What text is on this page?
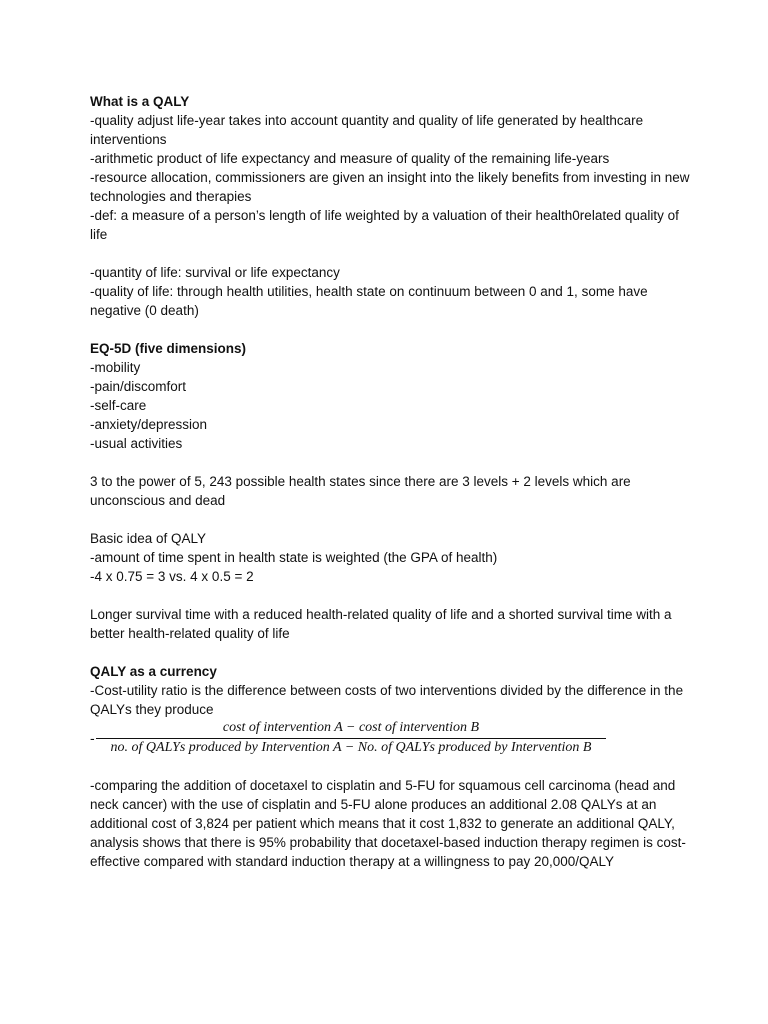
What is a QALY

-quality adjust life-year takes into account quantity and quality of life generated by healthcare interventions

-arithmetic product of life expectancy and measure of quality of the remaining life-years

-resource allocation, commissioners are given an insight into the likely benefits from investing in new technologies and therapies

-def: a measure of a person’s length of life weighted by a valuation of their health0related quality of life

-quantity of life: survival or life expectancy

-quality of life: through health utilities, health state on continuum between 0 and 1, some have negative (0 death)

EQ-5D (five dimensions)

-mobility

-pain/discomfort

-self-care

-anxiety/depression

-usual activities

3 to the power of 5, 243 possible health states since there are 3 levels + 2 levels which are unconscious and dead

Basic idea of QALY

-amount of time spent in health state is weighted (the GPA of health)

-4 x 0.75 = 3 vs. 4 x 0.5 = 2

Longer survival time with a reduced health-related quality of life and a shorted survival time with a better health-related quality of life

QALY as a currency

-Cost-utility ratio is the difference between costs of two interventions divided by the difference in the QALYs they produce

-
cost of intervention A − cost of intervention B
no. of QALYs produced by Intervention A − No. of QALYs produced by Intervention B

-comparing the addition of docetaxel to cisplatin and 5-FU for squamous cell carcinoma (head and neck cancer) with the use of cisplatin and 5-FU alone produces an additional 2.08 QALYs at an additional cost of 3,824 per patient which means that it cost 1,832 to generate an additional QALY, analysis shows that there is 95% probability that docetaxel-based induction therapy regimen is cost-effective compared with standard induction therapy at a willingness to pay 20,000/QALY
